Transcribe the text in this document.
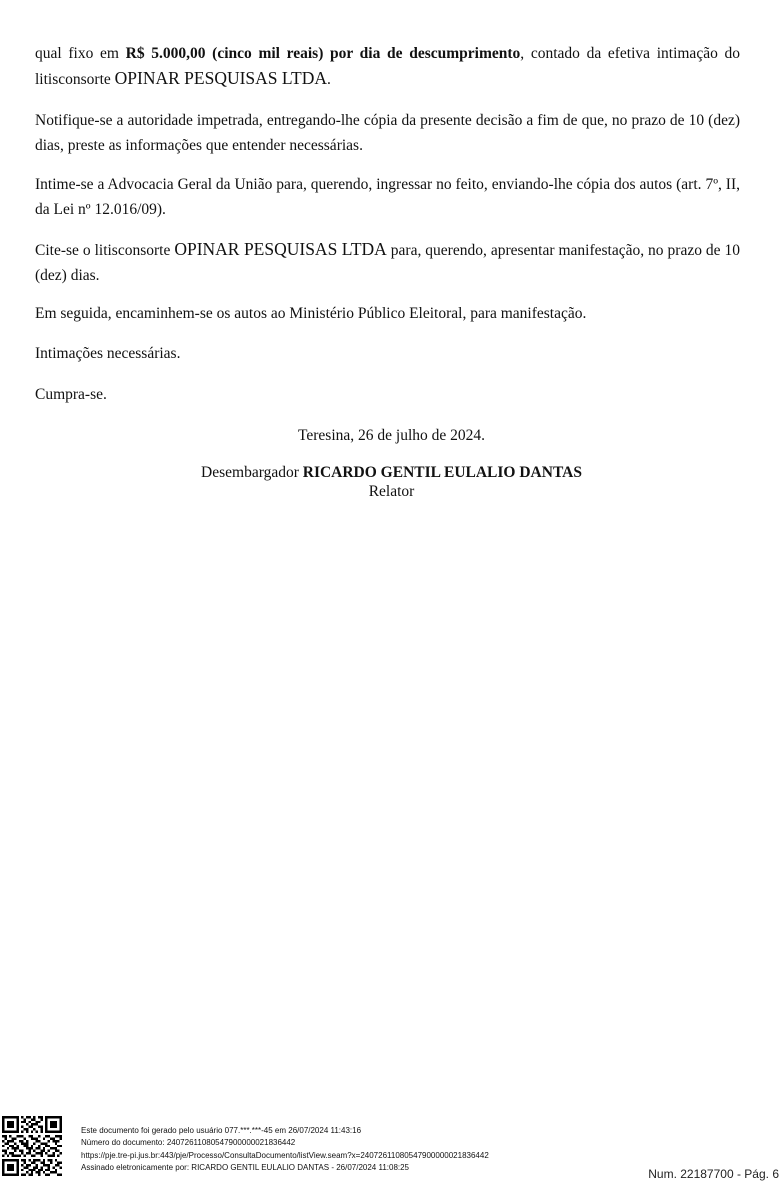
qual fixo em R$ 5.000,00 (cinco mil reais) por dia de descumprimento, contado da efetiva intimação do litisconsorte OPINAR PESQUISAS LTDA.

Notifique-se a autoridade impetrada, entregando-lhe cópia da presente decisão a fim de que, no prazo de 10 (dez) dias, preste as informações que entender necessárias.

Intime-se a Advocacia Geral da União para, querendo, ingressar no feito, enviando-lhe cópia dos autos (art. 7º, II, da Lei nº 12.016/09).

Cite-se o litisconsorte OPINAR PESQUISAS LTDA para, querendo, apresentar manifestação, no prazo de 10 (dez) dias.

Em seguida, encaminhem-se os autos ao Ministério Público Eleitoral, para manifestação.

Intimações necessárias.

Cumpra-se.

Teresina, 26 de julho de 2024.

Desembargador RICARDO GENTIL EULALIO DANTAS

Relator

Este documento foi gerado pelo usuário 077.***.***-45 em 26/07/2024 11:43:16
Número do documento: 24072611080547900000021836442
https://pje.tre-pi.jus.br:443/pje/Processo/ConsultaDocumento/listView.seam?x=24072611080547900000021836442
Assinado eletronicamente por: RICARDO GENTIL EULALIO DANTAS - 26/07/2024 11:08:25	Num. 22187700 - Pág. 6
